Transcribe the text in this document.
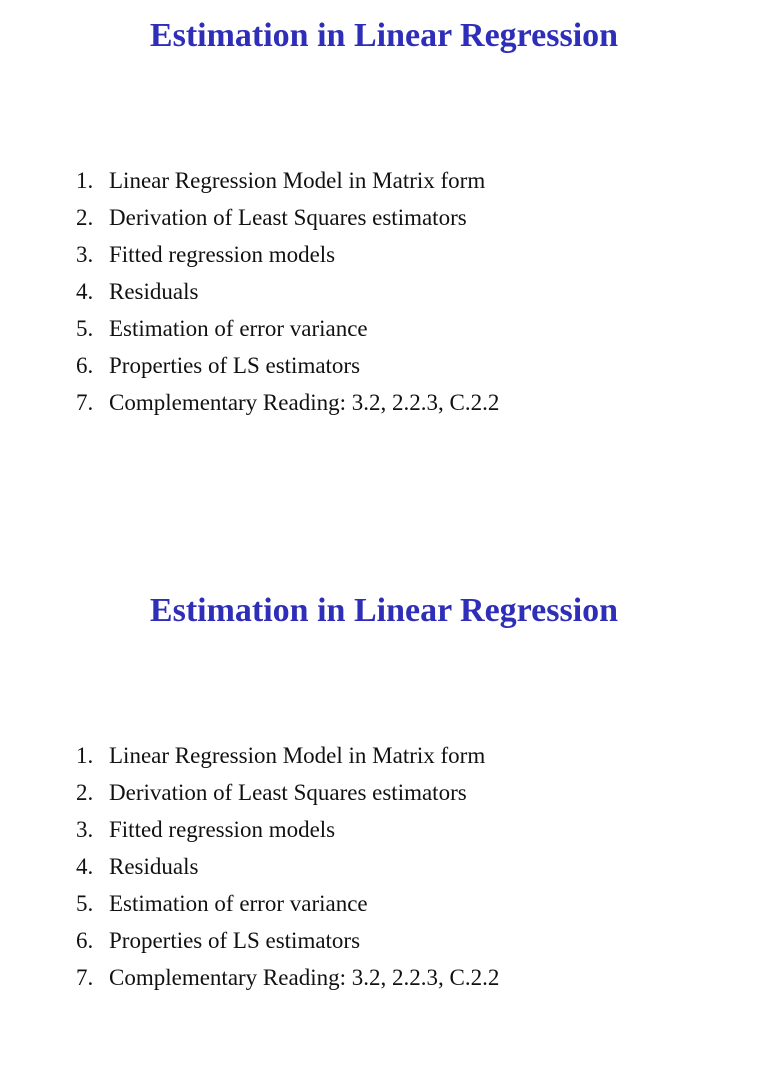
Estimation in Linear Regression
1. Linear Regression Model in Matrix form
2. Derivation of Least Squares estimators
3. Fitted regression models
4. Residuals
5. Estimation of error variance
6. Properties of LS estimators
7. Complementary Reading: 3.2, 2.2.3, C.2.2
Estimation in Linear Regression
1. Linear Regression Model in Matrix form
2. Derivation of Least Squares estimators
3. Fitted regression models
4. Residuals
5. Estimation of error variance
6. Properties of LS estimators
7. Complementary Reading: 3.2, 2.2.3, C.2.2
